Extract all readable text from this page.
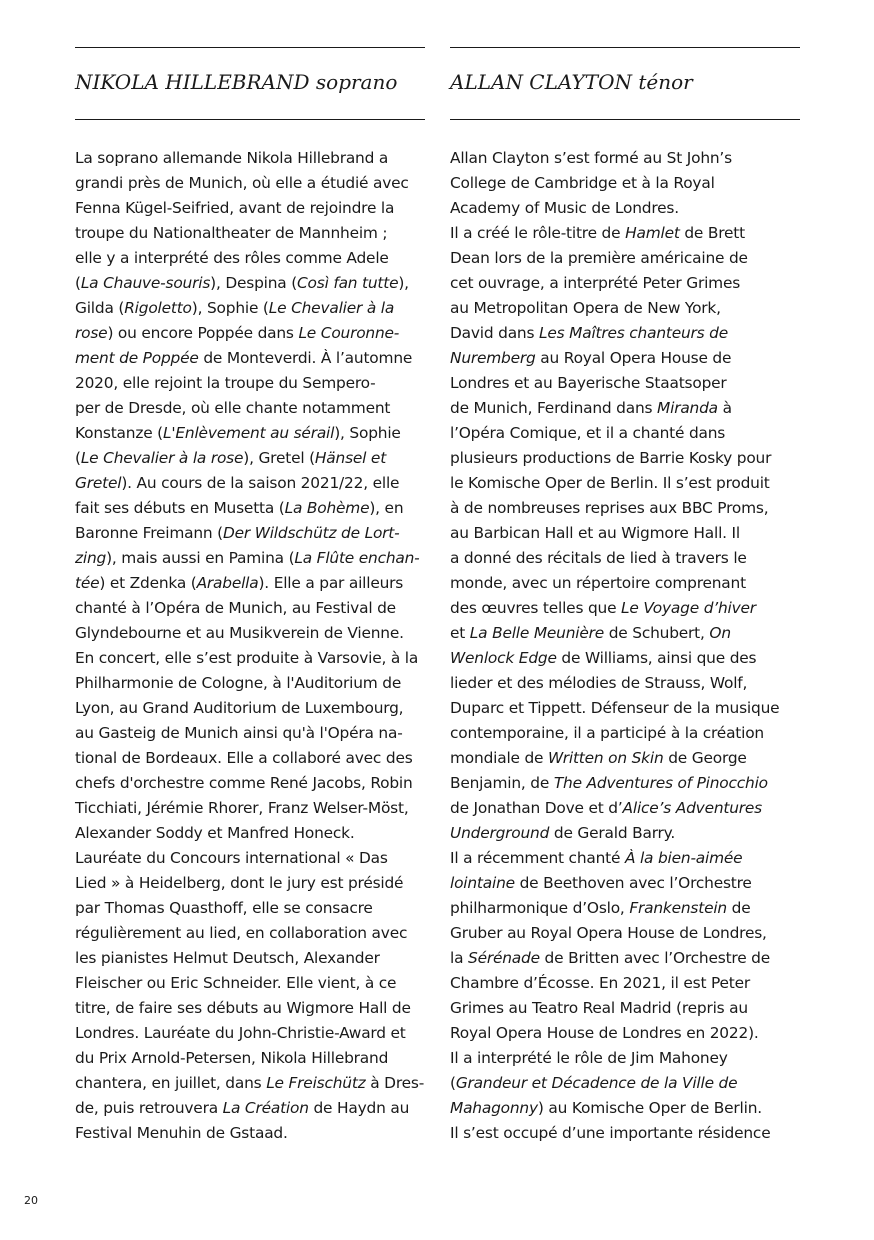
NIKOLA HILLEBRAND soprano
La soprano allemande Nikola Hillebrand a
grandi près de Munich, où elle a étudié avec
Fenna Kügel-Seifried, avant de rejoindre la
troupe du Nationaltheater de Mannheim ;
elle y a interprété des rôles comme Adele
(La Chauve-souris), Despina (Così fan tutte),
Gilda (Rigoletto), Sophie (Le Chevalier à la
rose) ou encore Poppée dans Le Couronne-
ment de Poppée de Monteverdi. À l’automne
2020, elle rejoint la troupe du Sempero-
per de Dresde, où elle chante notamment
Konstanze (L'Enlèvement au sérail), Sophie
(Le Chevalier à la rose), Gretel (Hänsel et
Gretel). Au cours de la saison 2021/22, elle
fait ses débuts en Musetta (La Bohème), en
Baronne Freimann (Der Wildschütz de Lort-
zing), mais aussi en Pamina (La Flûte enchan-
tée) et Zdenka (Arabella). Elle a par ailleurs
chanté à l’Opéra de Munich, au Festival de
Glyndebourne et au Musikverein de Vienne.
En concert, elle s’est produite à Varsovie, à la
Philharmonie de Cologne, à l'Auditorium de
Lyon, au Grand Auditorium de Luxembourg,
au Gasteig de Munich ainsi qu'à l'Opéra na-
tional de Bordeaux. Elle a collaboré avec des
chefs d'orchestre comme René Jacobs, Robin
Ticchiati, Jérémie Rhorer, Franz Welser-Möst,
Alexander Soddy et Manfred Honeck.
Lauréate du Concours international « Das
Lied » à Heidelberg, dont le jury est présidé
par Thomas Quasthoff, elle se consacre
régulièrement au lied, en collaboration avec
les pianistes Helmut Deutsch, Alexander
Fleischer ou Eric Schneider. Elle vient, à ce
titre, de faire ses débuts au Wigmore Hall de
Londres. Lauréate du John-Christie-Award et
du Prix Arnold-Petersen, Nikola Hillebrand
chantera, en juillet, dans Le Freischütz à Dres-
de, puis retrouvera La Création de Haydn au
Festival Menuhin de Gstaad.
ALLAN CLAYTON ténor
Allan Clayton s’est formé au St John’s
College de Cambridge et à la Royal
Academy of Music de Londres.
Il a créé le rôle-titre de Hamlet de Brett
Dean lors de la première américaine de
cet ouvrage, a interprété Peter Grimes
au Metropolitan Opera de New York,
David dans Les Maîtres chanteurs de
Nuremberg au Royal Opera House de
Londres et au Bayerische Staatsoper
de Munich, Ferdinand dans Miranda à
l’Opéra Comique, et il a chanté dans
plusieurs productions de Barrie Kosky pour
le Komische Oper de Berlin. Il s’est produit
à de nombreuses reprises aux BBC Proms,
au Barbican Hall et au Wigmore Hall. Il
a donné des récitals de lied à travers le
monde, avec un répertoire comprenant
des œuvres telles que Le Voyage d’hiver
et La Belle Meunière de Schubert, On
Wenlock Edge de Williams, ainsi que des
lieder et des mélodies de Strauss, Wolf,
Duparc et Tippett. Défenseur de la musique
contemporaine, il a participé à la création
mondiale de Written on Skin de George
Benjamin, de The Adventures of Pinocchio
de Jonathan Dove et d’Alice’s Adventures
Underground de Gerald Barry.
Il a récemment chanté À la bien-aimée
lointaine de Beethoven avec l’Orchestre
philharmonique d’Oslo, Frankenstein de
Gruber au Royal Opera House de Londres,
la Sérénade de Britten avec l’Orchestre de
Chambre d’Écosse. En 2021, il est Peter
Grimes au Teatro Real Madrid (repris au
Royal Opera House de Londres en 2022).
Il a interprété le rôle de Jim Mahoney
(Grandeur et Décadence de la Ville de
Mahagonny) au Komische Oper de Berlin.
Il s’est occupé d’une importante résidence
20
